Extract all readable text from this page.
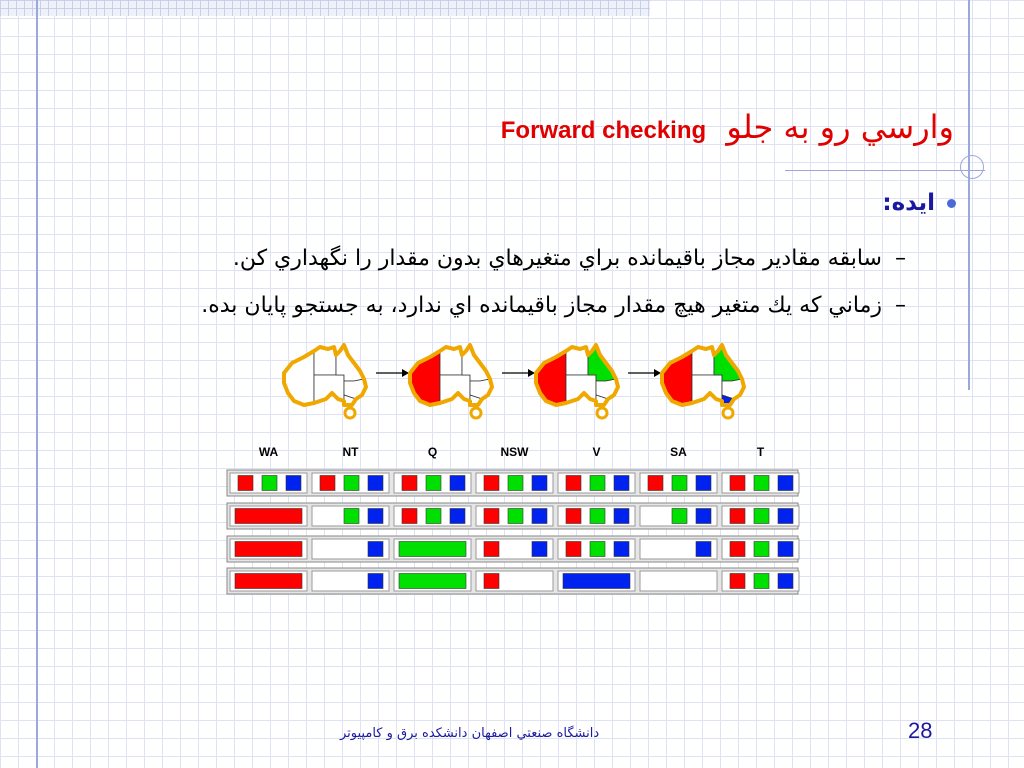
وارسي رو به جلو Forward checking
ايده:
– سابقه مقادير مجاز باقيمانده براي متغيرهاي بدون مقدار را نگهداري كن.
– زماني كه يك متغير هيچ مقدار مجاز باقيمانده اي ندارد، به جستجو پايان بده.
WA	NT	Q	NSW	V	SA	T
دانشگاه صنعتي اصفهان دانشكده برق و كامپيوتر	28
